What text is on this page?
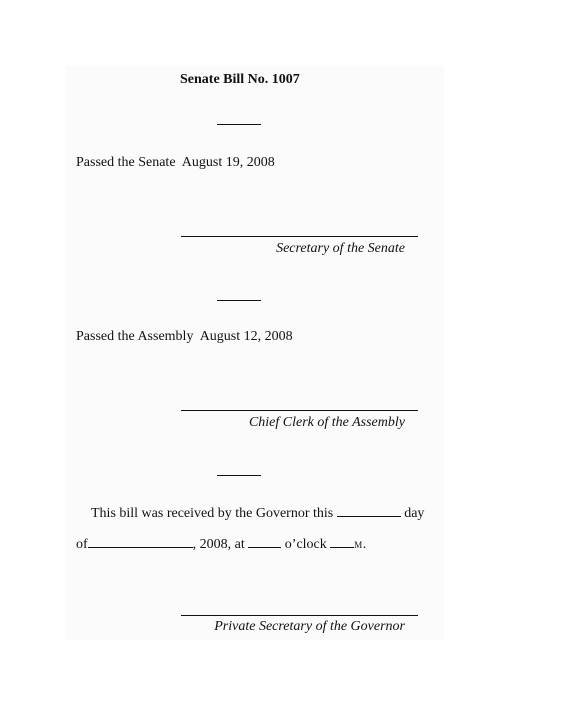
Senate Bill No. 1007
Passed the Senate August 19, 2008
Secretary of the Senate
Passed the Assembly August 12, 2008
Chief Clerk of the Assembly
This bill was received by the Governor this	day
of	, 2008, at	o’clock	M.
Private Secretary of the Governor
